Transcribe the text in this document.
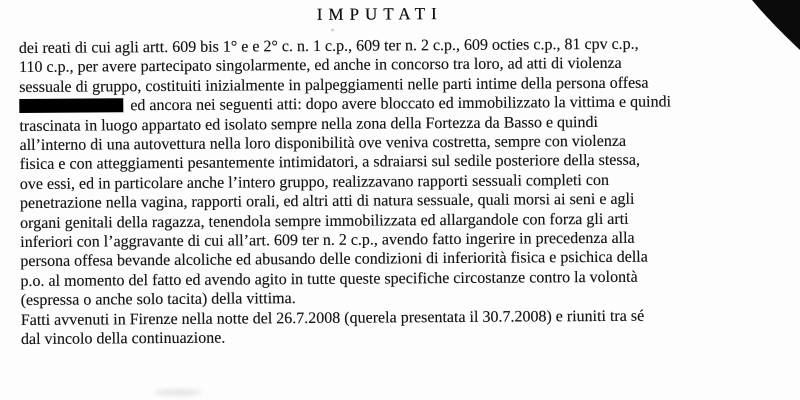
IMPUTATI
dei reati di cui agli artt. 609 bis 1° e e 2° c. n. 1 c.p., 609 ter n. 2 c.p., 609 octies c.p., 81 cpv c.p.,
110 c.p., per avere partecipato singolarmente, ed anche in concorso tra loro, ad atti di violenza
sessuale di gruppo, costituiti inizialmente in palpeggiamenti nelle parti intime della persona offesa
ed ancora nei seguenti atti: dopo avere bloccato ed immobilizzato la vittima e quindi
trascinata in luogo appartato ed isolato sempre nella zona della Fortezza da Basso e quindi
all’interno di una autovettura nella loro disponibilità ove veniva costretta, sempre con violenza
fisica e con atteggiamenti pesantemente intimidatori, a sdraiarsi sul sedile posteriore della stessa,
ove essi, ed in particolare anche l’intero gruppo, realizzavano rapporti sessuali completi con
penetrazione nella vagina, rapporti orali, ed altri atti di natura sessuale, quali morsi ai seni e agli
organi genitali della ragazza, tenendola sempre immobilizzata ed allargandole con forza gli arti
inferiori con l’aggravante di cui all’art. 609 ter n. 2 c.p., avendo fatto ingerire in precedenza alla
persona offesa bevande alcoliche ed abusando delle condizioni di inferiorità fisica e psichica della
p.o. al momento del fatto ed avendo agito in tutte queste specifiche circostanze contro la volontà
(espressa o anche solo tacita) della vittima.
Fatti avvenuti in Firenze nella notte del 26.7.2008 (querela presentata il 30.7.2008) e riuniti tra sé
dal vincolo della continuazione.
